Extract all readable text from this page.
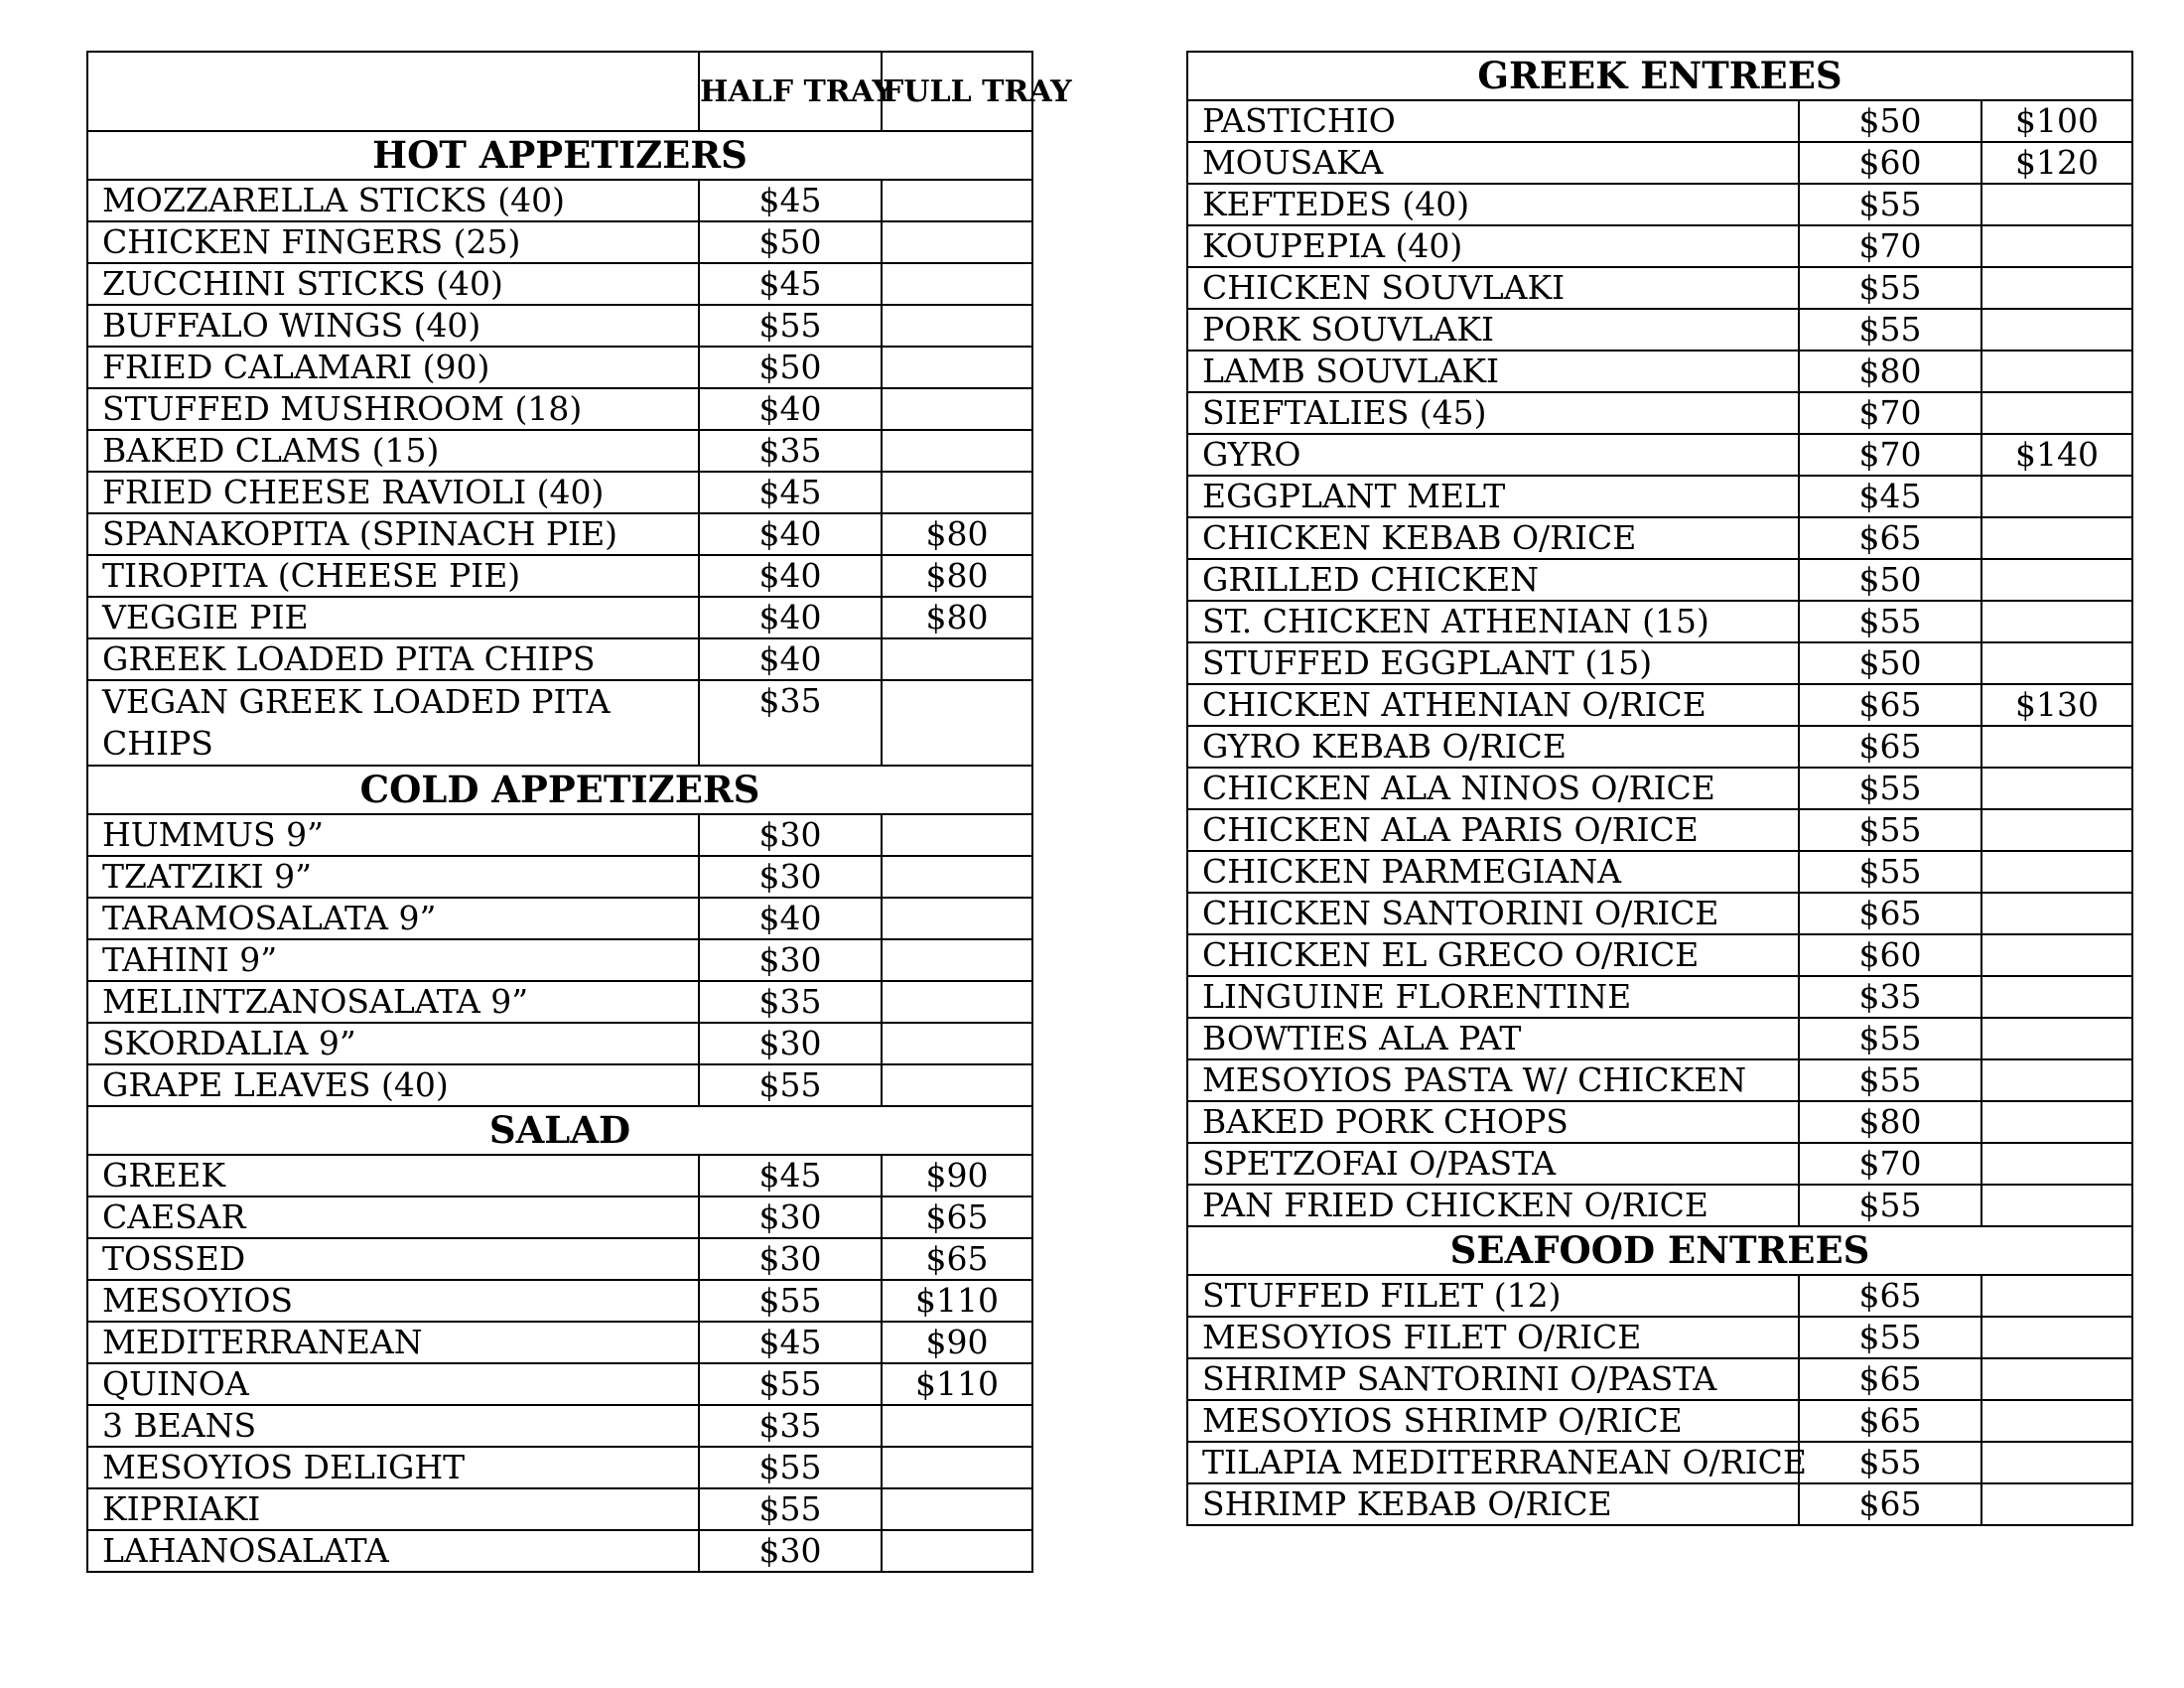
	HALF TRAY	FULL TRAY
HOT APPETIZERS		
MOZZARELLA STICKS (40)	$45	
CHICKEN FINGERS (25)	$50	
ZUCCHINI STICKS (40)	$45	
BUFFALO WINGS (40)	$55	
FRIED CALAMARI (90)	$50	
STUFFED MUSHROOM (18)	$40	
BAKED CLAMS (15)	$35	
FRIED CHEESE RAVIOLI (40)	$45	
SPANAKOPITA (SPINACH PIE)	$40	$80
TIROPITA (CHEESE PIE)	$40	$80
VEGGIE PIE	$40	$80
GREEK LOADED PITA CHIPS	$40	
VEGAN GREEK LOADED PITA CHIPS	$35	
COLD APPETIZERS		
HUMMUS 9”	$30	
TZATZIKI 9”	$30	
TARAMOSALATA 9”	$40	
TAHINI 9”	$30	
MELINTZANOSALATA 9”	$35	
SKORDALIA 9”	$30	
GRAPE LEAVES (40)	$55	
SALAD		
GREEK	$45	$90
CAESAR	$30	$65
TOSSED	$30	$65
MESOYIOS	$55	$110
MEDITERRANEAN	$45	$90
QUINOA	$55	$110
3 BEANS	$35	
MESOYIOS DELIGHT	$55	
KIPRIAKI	$55	
LAHANOSALATA	$30	
GREEK ENTREES		
PASTICHIO	$50	$100
MOUSAKA	$60	$120
KEFTEDES (40)	$55	
KOUPEPIA (40)	$70	
CHICKEN SOUVLAKI	$55	
PORK SOUVLAKI	$55	
LAMB SOUVLAKI	$80	
SIEFTALIES (45)	$70	
GYRO	$70	$140
EGGPLANT MELT	$45	
CHICKEN KEBAB O/RICE	$65	
GRILLED CHICKEN	$50	
ST. CHICKEN ATHENIAN (15)	$55	
STUFFED EGGPLANT (15)	$50	
CHICKEN ATHENIAN O/RICE	$65	$130
GYRO KEBAB O/RICE	$65	
CHICKEN ALA NINOS O/RICE	$55	
CHICKEN ALA PARIS O/RICE	$55	
CHICKEN PARMEGIANA	$55	
CHICKEN SANTORINI O/RICE	$65	
CHICKEN EL GRECO O/RICE	$60	
LINGUINE FLORENTINE	$35	
BOWTIES ALA PAT	$55	
MESOYIOS PASTA W/ CHICKEN	$55	
BAKED PORK CHOPS	$80	
SPETZOFAI O/PASTA	$70	
PAN FRIED CHICKEN O/RICE	$55	
SEAFOOD ENTREES		
STUFFED FILET (12)	$65	
MESOYIOS FILET O/RICE	$55	
SHRIMP SANTORINI O/PASTA	$65	
MESOYIOS SHRIMP O/RICE	$65	
TILAPIA MEDITERRANEAN O/RICE	$55	
SHRIMP KEBAB O/RICE	$65	
